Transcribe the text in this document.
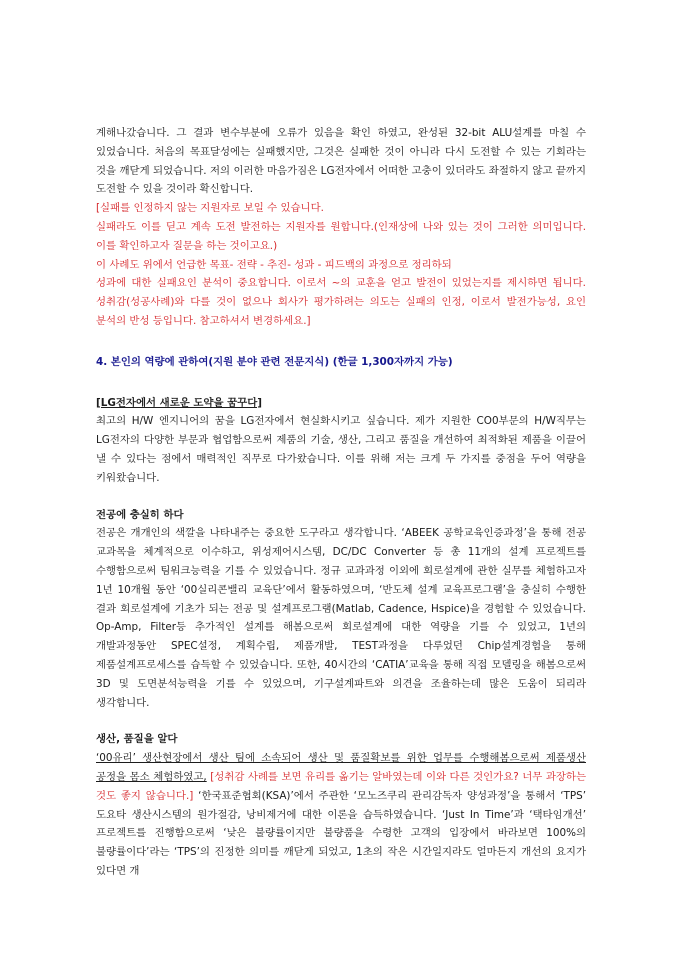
계해나갔습니다. 그 결과 변수부분에 오류가 있음을 확인 하였고, 완성된 32-bit ALU설계를 마칠 수 있었습니다. 처음의 목표달성에는 실패했지만, 그것은 실패한 것이 아니라 다시 도전할 수 있는 기회라는 것을 깨닫게 되었습니다. 저의 이러한 마음가짐은 LG전자에서 어떠한 고충이 있더라도 좌절하지 않고 끝까지 도전할 수 있을 것이라 확신합니다.

[실패를 인정하지 않는 지원자로 보일 수 있습니다.

실패라도 이를 딛고 계속 도전 발전하는 지원자를 원합니다.(인재상에 나와 있는 것이 그러한 의미입니다. 이를 확인하고자 질문을 하는 것이고요.)

이 사례도 위에서 언급한 목표- 전략 - 추진- 성과 - 피드백의 과정으로 정리하되

성과에 대한 실패요인 분석이 중요합니다. 이로서 ~의 교훈을 얻고 발전이 있었는지를 제시하면 됩니다. 성취감(성공사례)와 다를 것이 없으나 회사가 평가하려는 의도는 실패의 인정, 이로서 발전가능성, 요인 분석의 반성 등입니다. 참고하셔서 변경하세요.]

4. 본인의 역량에 관하여(지원 분야 관련 전문지식) (한글 1,300자까지 가능)

[LG전자에서 새로운 도약을 꿈꾸다]

최고의 H/W 엔지니어의 꿈을 LG전자에서 현실화시키고 싶습니다. 제가 지원한 CO0부문의 H/W직무는 LG전자의 다양한 부문과 협업함으로써 제품의 기술, 생산, 그리고 품질을 개선하여 최적화된 제품을 이끌어 낼 수 있다는 점에서 매력적인 직무로 다가왔습니다. 이를 위해 저는 크게 두 가지를 중점을 두어 역량을 키워왔습니다.

전공에 충실히 하다

전공은 개개인의 색깔을 나타내주는 중요한 도구라고 생각합니다. ‘ABEEK 공학교육인증과정’을 통해 전공 교과목을 체계적으로 이수하고, 위성제어시스템, DC/DC Converter 등 총 11개의 설계 프로젝트를 수행함으로써 팀워크능력을 기를 수 있었습니다. 정규 교과과정 이외에 회로설계에 관한 실무를 체험하고자 1년 10개월 동안 ‘00실리콘밸리 교육단’에서 활동하였으며, ‘반도체 설계 교육프로그램’을 충실히 수행한 결과 회로설계에 기초가 되는 전공 및 설계프로그램(Matlab, Cadence, Hspice)을 경험할 수 있었습니다. Op-Amp, Filter등 추가적인 설계를 해봄으로써 회로설계에 대한 역량을 기를 수 있었고, 1년의 개발과정동안 SPEC설정, 계획수립, 제품개발, TEST과정을 다루었던 Chip설계경험을 통해 제품설계프로세스를 습득할 수 있었습니다. 또한, 40시간의 ‘CATIA’교육을 통해 직접 모델링을 해봄으로써 3D 및 도면분석능력을 기를 수 있었으며, 기구설계파트와 의견을 조율하는데 많은 도움이 되리라 생각합니다.

생산, 품질을 알다

‘00유리’ 생산현장에서 생산 팀에 소속되어 생산 및 품질확보를 위한 업무를 수행해봄으로써 제품생산 공정을 몸소 체험하였고, [성취감 사례를 보면 유리를 옮기는 알바였는데 이와 다른 것인가요? 너무 과장하는 것도 좋지 않습니다.] ‘한국표준협회(KSA)’에서 주관한 ‘모노즈쿠리 관리감독자 양성과정’을 통해서 ‘TPS’ 도요타 생산시스템의 원가절감, 낭비제거에 대한 이론을 습득하였습니다. ‘Just In Time’과 ‘택타임개선’ 프로젝트를 진행함으로써 ‘낮은 불량률이지만 불량품을 수령한 고객의 입장에서 바라보면 100%의 불량률이다’라는 ‘TPS’의 진정한 의미를 깨닫게 되었고, 1초의 작은 시간일지라도 얼마든지 개선의 요지가 있다면 개
